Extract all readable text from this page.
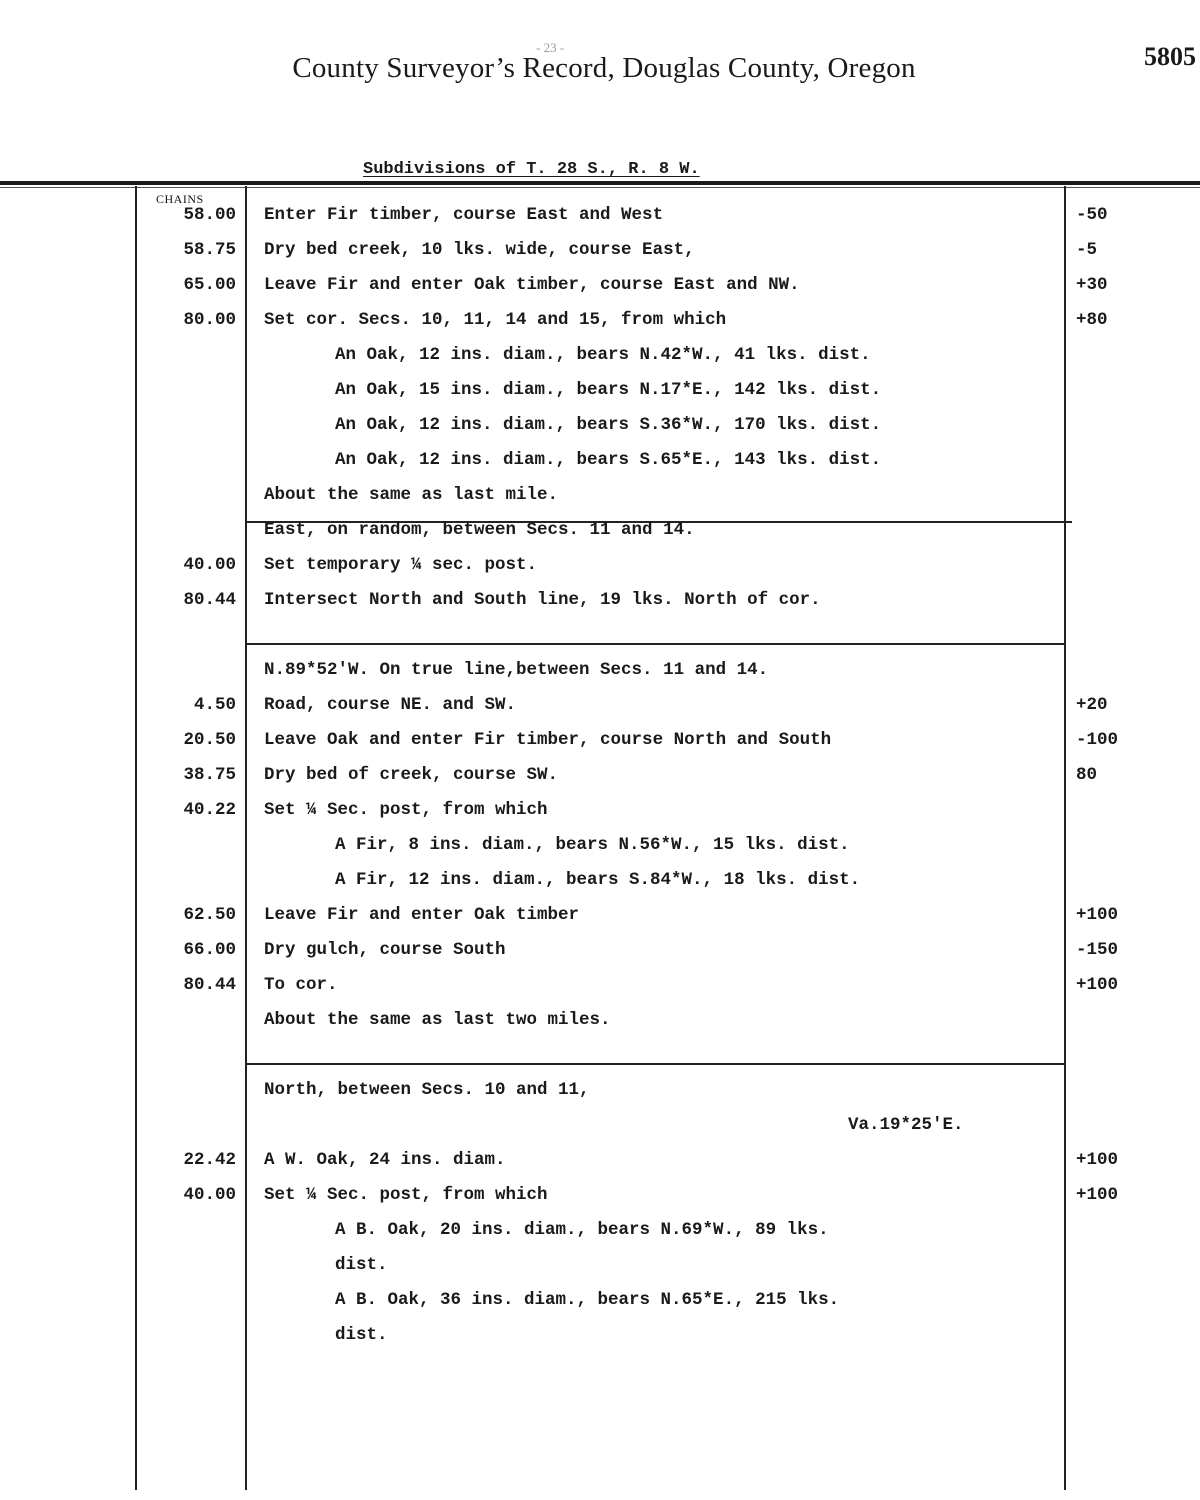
- 23 -
County Surveyor’s Record, Douglas County, Oregon	5805
Subdivisions of T. 28 S., R. 8 W.
CHAINS
58.00 Enter Fir timber, course East and West	-50
58.75 Dry bed creek, 10 lks. wide, course East,	-5
65.00 Leave Fir and enter Oak timber, course East and NW.	+30
80.00 Set cor. Secs. 10, 11, 14 and 15, from which	+80
An Oak, 12 ins. diam., bears N.42*W., 41 lks. dist.
An Oak, 15 ins. diam., bears N.17*E., 142 lks. dist.
An Oak, 12 ins. diam., bears S.36*W., 170 lks. dist.
An Oak, 12 ins. diam., bears S.65*E., 143 lks. dist.
About the same as last mile.
East, on random, between Secs. 11 and 14.
40.00 Set temporary ¼ sec. post.
80.44 Intersect North and South line, 19 lks. North of cor.
N.89*52'W. On true line,between Secs. 11 and 14.
4.50 Road, course NE. and SW.	+20
20.50 Leave Oak and enter Fir timber, course North and South	-100
38.75 Dry bed of creek, course SW.	80
40.22 Set ¼ Sec. post, from which
A Fir, 8 ins. diam., bears N.56*W., 15 lks. dist.
A Fir, 12 ins. diam., bears S.84*W., 18 lks. dist.
62.50 Leave Fir and enter Oak timber	+100
66.00 Dry gulch, course South	-150
80.44 To cor.	+100
About the same as last two miles.
North, between Secs. 10 and 11,
Va.19*25'E.
22.42 A W. Oak, 24 ins. diam.	+100
40.00 Set ¼ Sec. post, from which	+100
A B. Oak, 20 ins. diam., bears N.69*W., 89 lks.
dist.
A B. Oak, 36 ins. diam., bears N.65*E., 215 lks.
dist.
